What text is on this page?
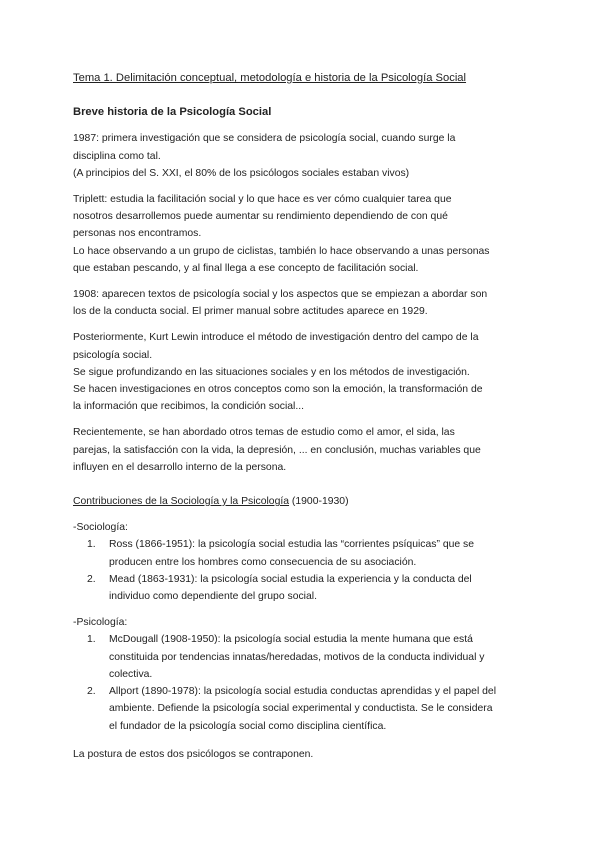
Tema 1. Delimitación conceptual, metodología e historia de la Psicología Social

Breve historia de la Psicología Social

1987: primera investigación que se considera de psicología social, cuando surge la

disciplina como tal.

(A principios del S. XXI, el 80% de los psicólogos sociales estaban vivos)

Triplett: estudia la facilitación social y lo que hace es ver cómo cualquier tarea que

nosotros desarrollemos puede aumentar su rendimiento dependiendo de con qué

personas nos encontramos.

Lo hace observando a un grupo de ciclistas, también lo hace observando a unas personas

que estaban pescando, y al final llega a ese concepto de facilitación social.

1908: aparecen textos de psicología social y los aspectos que se empiezan a abordar son

los de la conducta social. El primer manual sobre actitudes aparece en 1929.

Posteriormente, Kurt Lewin introduce el método de investigación dentro del campo de la

psicología social.

Se sigue profundizando en las situaciones sociales y en los métodos de investigación.

Se hacen investigaciones en otros conceptos como son la emoción, la transformación de

la información que recibimos, la condición social...

Recientemente, se han abordado otros temas de estudio como el amor, el sida, las

parejas, la satisfacción con la vida, la depresión, ... en conclusión, muchas variables que

influyen en el desarrollo interno de la persona.

Contribuciones de la Sociología y la Psicología (1900-1930)

-Sociología:

1. Ross (1866-1951): la psicología social estudia las “corrientes psíquicas” que se

producen entre los hombres como consecuencia de su asociación.

2. Mead (1863-1931): la psicología social estudia la experiencia y la conducta del

individuo como dependiente del grupo social.

-Psicología:

1. McDougall (1908-1950): la psicología social estudia la mente humana que está

constituida por tendencias innatas/heredadas, motivos de la conducta individual y

colectiva.

2. Allport (1890-1978): la psicología social estudia conductas aprendidas y el papel del

ambiente. Defiende la psicología social experimental y conductista. Se le considera

el fundador de la psicología social como disciplina científica.

La postura de estos dos psicólogos se contraponen.
